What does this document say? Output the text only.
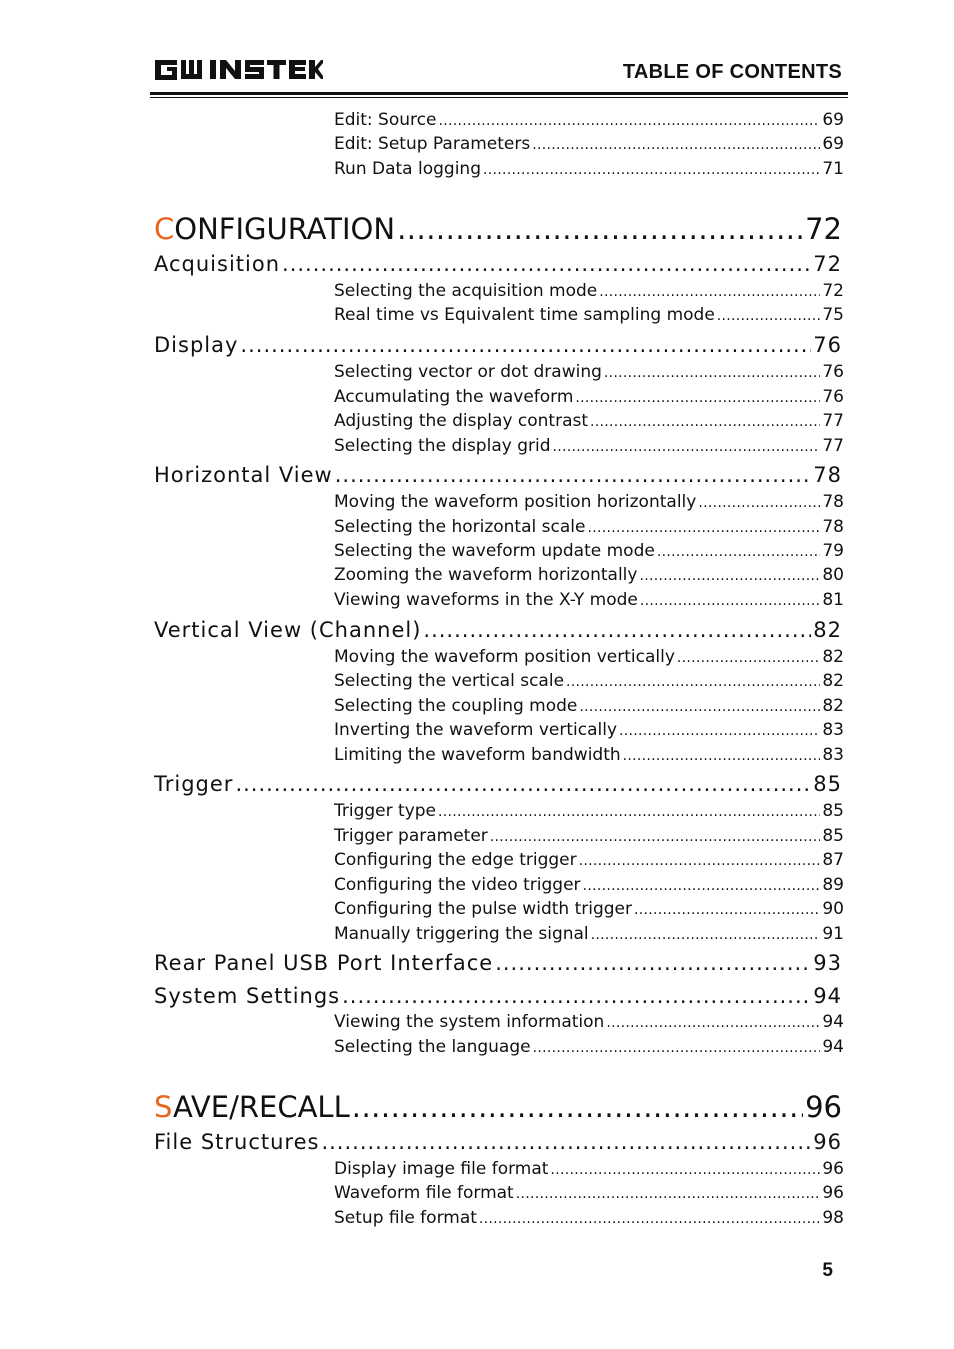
TABLE OF CONTENTS
Edit: Source .....	69
Edit: Setup Parameters .....	69
Run Data logging .....	71
CONFIGURATION .....	72
Acquisition .....	72
Selecting the acquisition mode .....	72
Real time vs Equivalent time sampling mode .....	75
Display .....	76
Selecting vector or dot drawing .....	76
Accumulating the waveform .....	76
Adjusting the display contrast .....	77
Selecting the display grid .....	77
Horizontal View .....	78
Moving the waveform position horizontally .....	78
Selecting the horizontal scale .....	78
Selecting the waveform update mode .....	79
Zooming the waveform horizontally .....	80
Viewing waveforms in the X-Y mode .....	81
Vertical View (Channel) .....	82
Moving the waveform position vertically .....	82
Selecting the vertical scale .....	82
Selecting the coupling mode .....	82
Inverting the waveform vertically .....	83
Limiting the waveform bandwidth .....	83
Trigger .....	85
Trigger type .....	85
Trigger parameter .....	85
Configuring the edge trigger .....	87
Configuring the video trigger .....	89
Configuring the pulse width trigger .....	90
Manually triggering the signal .....	91
Rear Panel USB Port Interface .....	93
System Settings .....	94
Viewing the system information .....	94
Selecting the language .....	94
SAVE/RECALL .....	96
File Structures .....	96
Display image file format .....	96
Waveform file format .....	96
Setup file format .....	98
5
